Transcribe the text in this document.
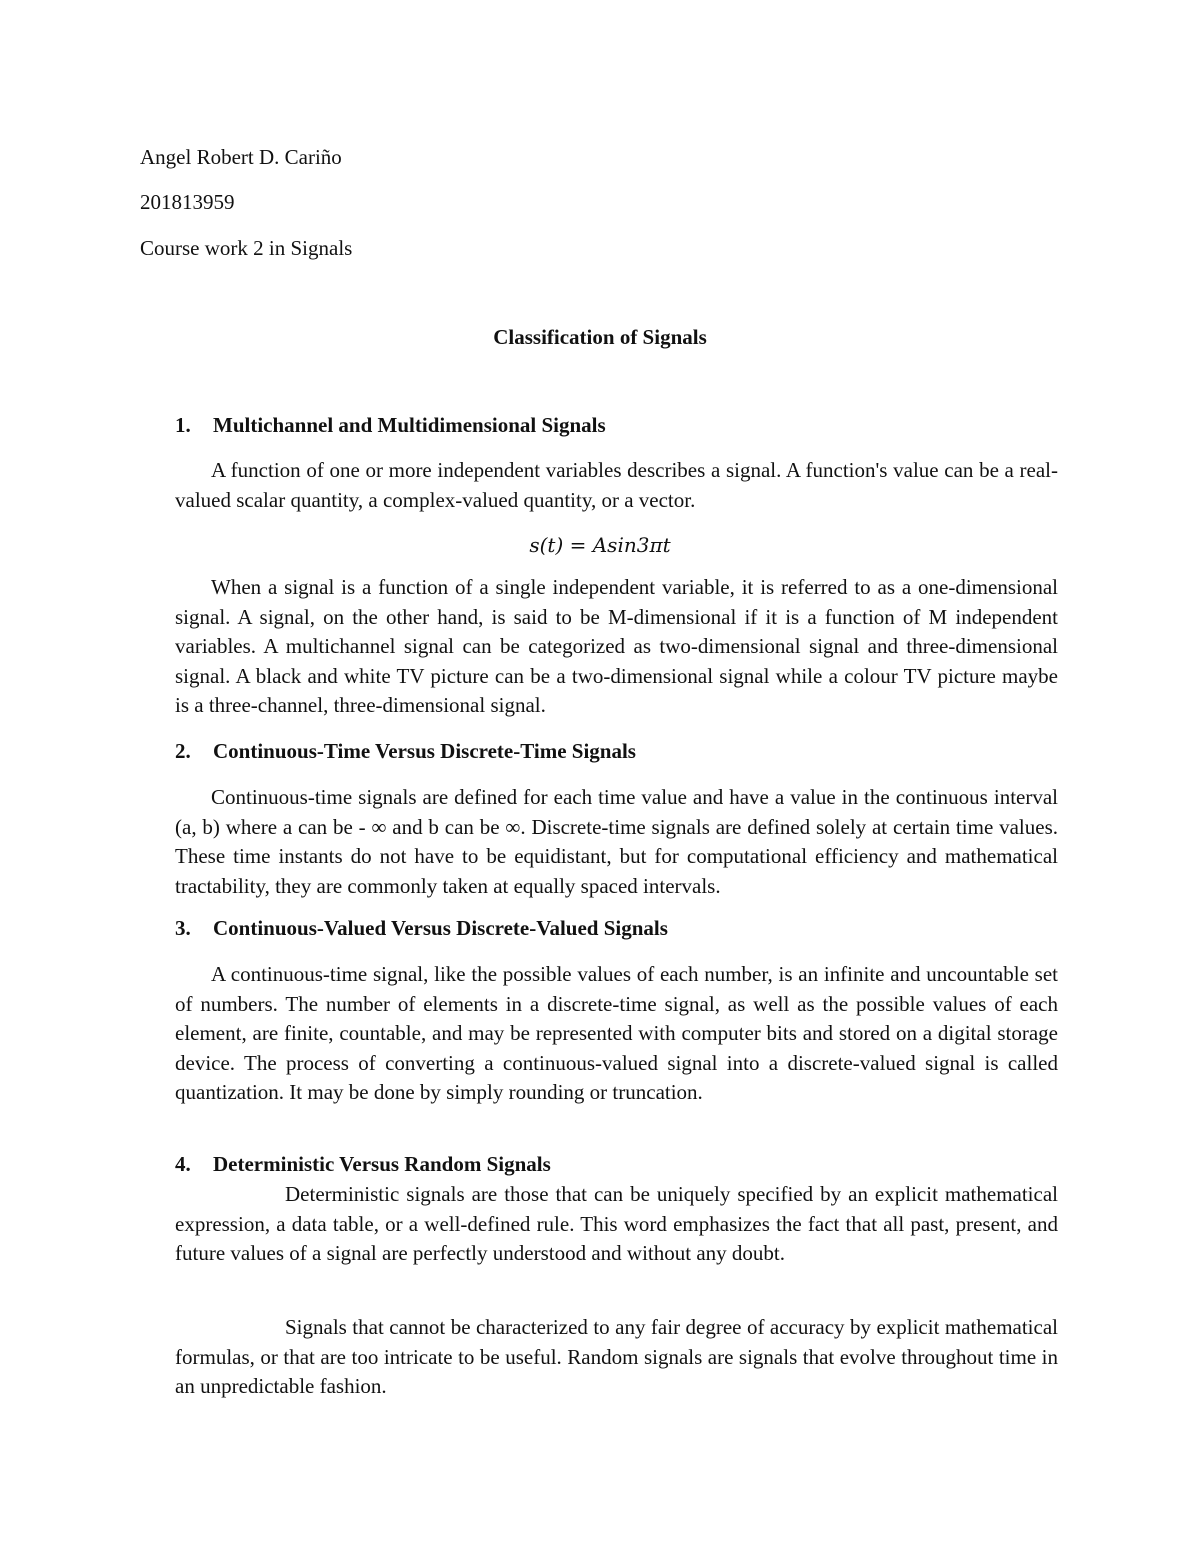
Angel Robert D. Cariño
201813959
Course work 2 in Signals
Classification of Signals
1. Multichannel and Multidimensional Signals
A function of one or more independent variables describes a signal. A function's value can be a real-valued scalar quantity, a complex-valued quantity, or a vector.
s(t) = Asin3πt
When a signal is a function of a single independent variable, it is referred to as a one-dimensional signal. A signal, on the other hand, is said to be M-dimensional if it is a function of M independent variables. A multichannel signal can be categorized as two-dimensional signal and three-dimensional signal. A black and white TV picture can be a two-dimensional signal while a colour TV picture maybe is a three-channel, three-dimensional signal.
2. Continuous-Time Versus Discrete-Time Signals
Continuous-time signals are defined for each time value and have a value in the continuous interval (a, b) where a can be - ∞ and b can be ∞. Discrete-time signals are defined solely at certain time values. These time instants do not have to be equidistant, but for computational efficiency and mathematical tractability, they are commonly taken at equally spaced intervals.
3. Continuous-Valued Versus Discrete-Valued Signals
A continuous-time signal, like the possible values of each number, is an infinite and uncountable set of numbers. The number of elements in a discrete-time signal, as well as the possible values of each element, are finite, countable, and may be represented with computer bits and stored on a digital storage device. The process of converting a continuous-valued signal into a discrete-valued signal is called quantization. It may be done by simply rounding or truncation.
4. Deterministic Versus Random Signals
Deterministic signals are those that can be uniquely specified by an explicit mathematical expression, a data table, or a well-defined rule. This word emphasizes the fact that all past, present, and future values of a signal are perfectly understood and without any doubt.
Signals that cannot be characterized to any fair degree of accuracy by explicit mathematical formulas, or that are too intricate to be useful. Random signals are signals that evolve throughout time in an unpredictable fashion.
